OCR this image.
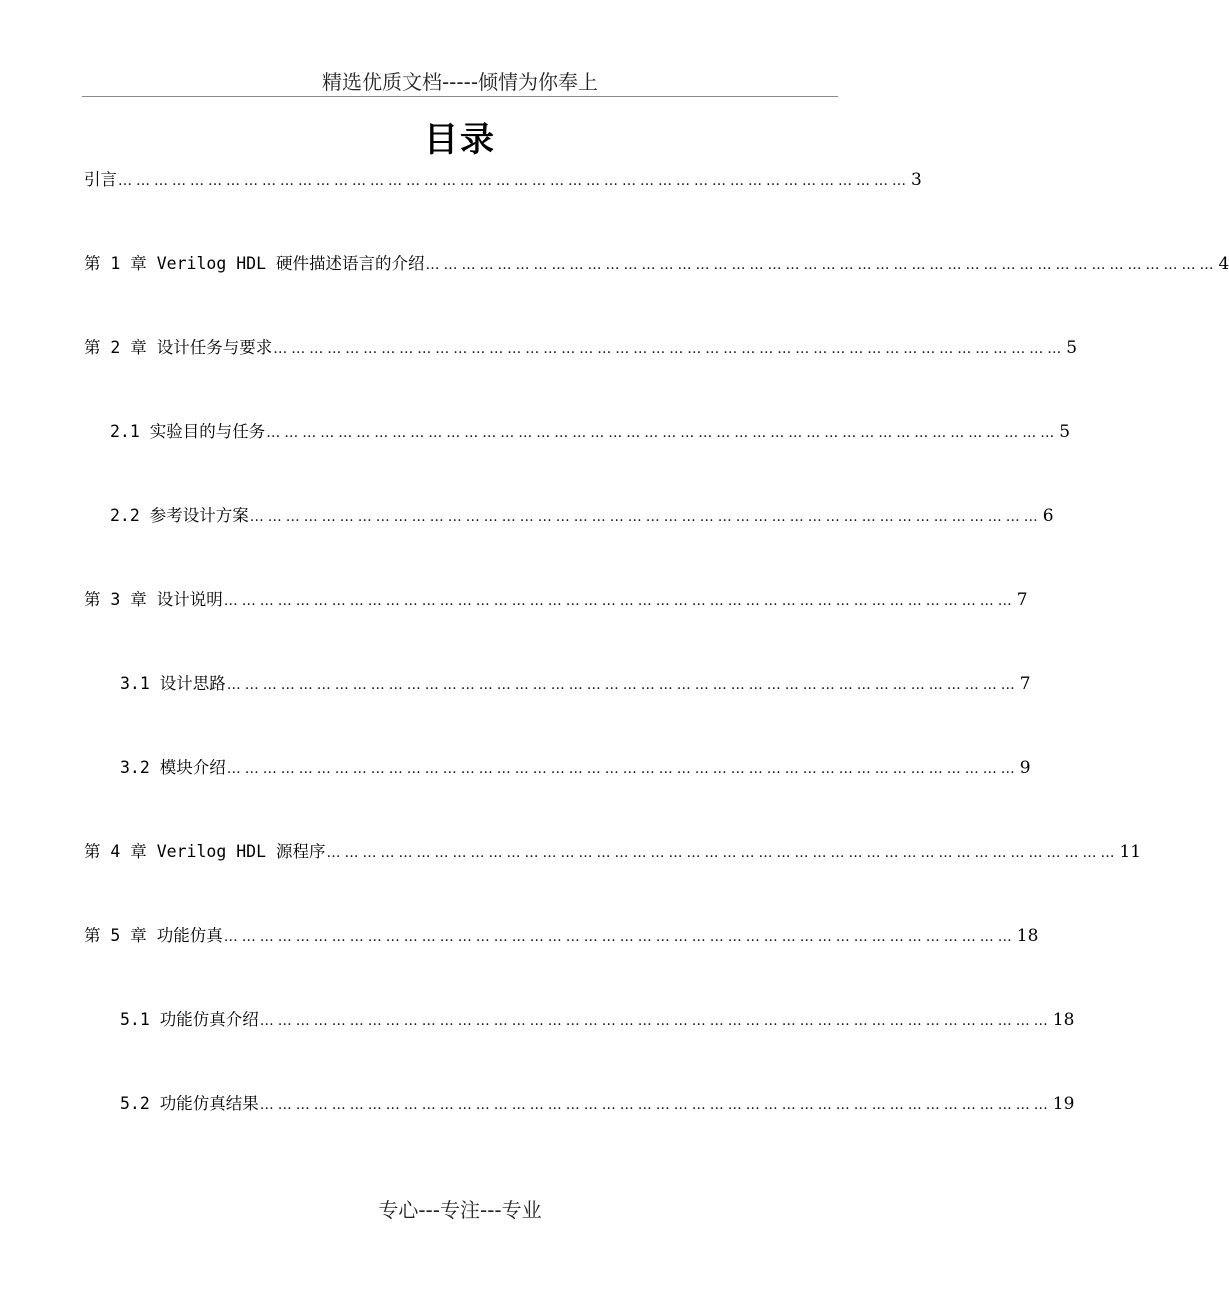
精选优质文档-----倾情为你奉上
目录
引言 …………………………………………………………………………………………………………………… 3
第 1 章 Verilog HDL 硬件描述语言的介绍 …………………………………………………………………………………………………………………… 4
第 2 章 设计任务与要求 …………………………………………………………………………………………………………………… 5
2.1 实验目的与任务 …………………………………………………………………………………………………………………… 5
2.2 参考设计方案 …………………………………………………………………………………………………………………… 6
第 3 章 设计说明 …………………………………………………………………………………………………………………… 7
3.1 设计思路 …………………………………………………………………………………………………………………… 7
3.2 模块介绍 …………………………………………………………………………………………………………………… 9
第 4 章 Verilog HDL 源程序 …………………………………………………………………………………………………………………… 11
第 5 章 功能仿真 …………………………………………………………………………………………………………………… 18
5.1 功能仿真介绍 …………………………………………………………………………………………………………………… 18
5.2 功能仿真结果 …………………………………………………………………………………………………………………… 19
专心---专注---专业
